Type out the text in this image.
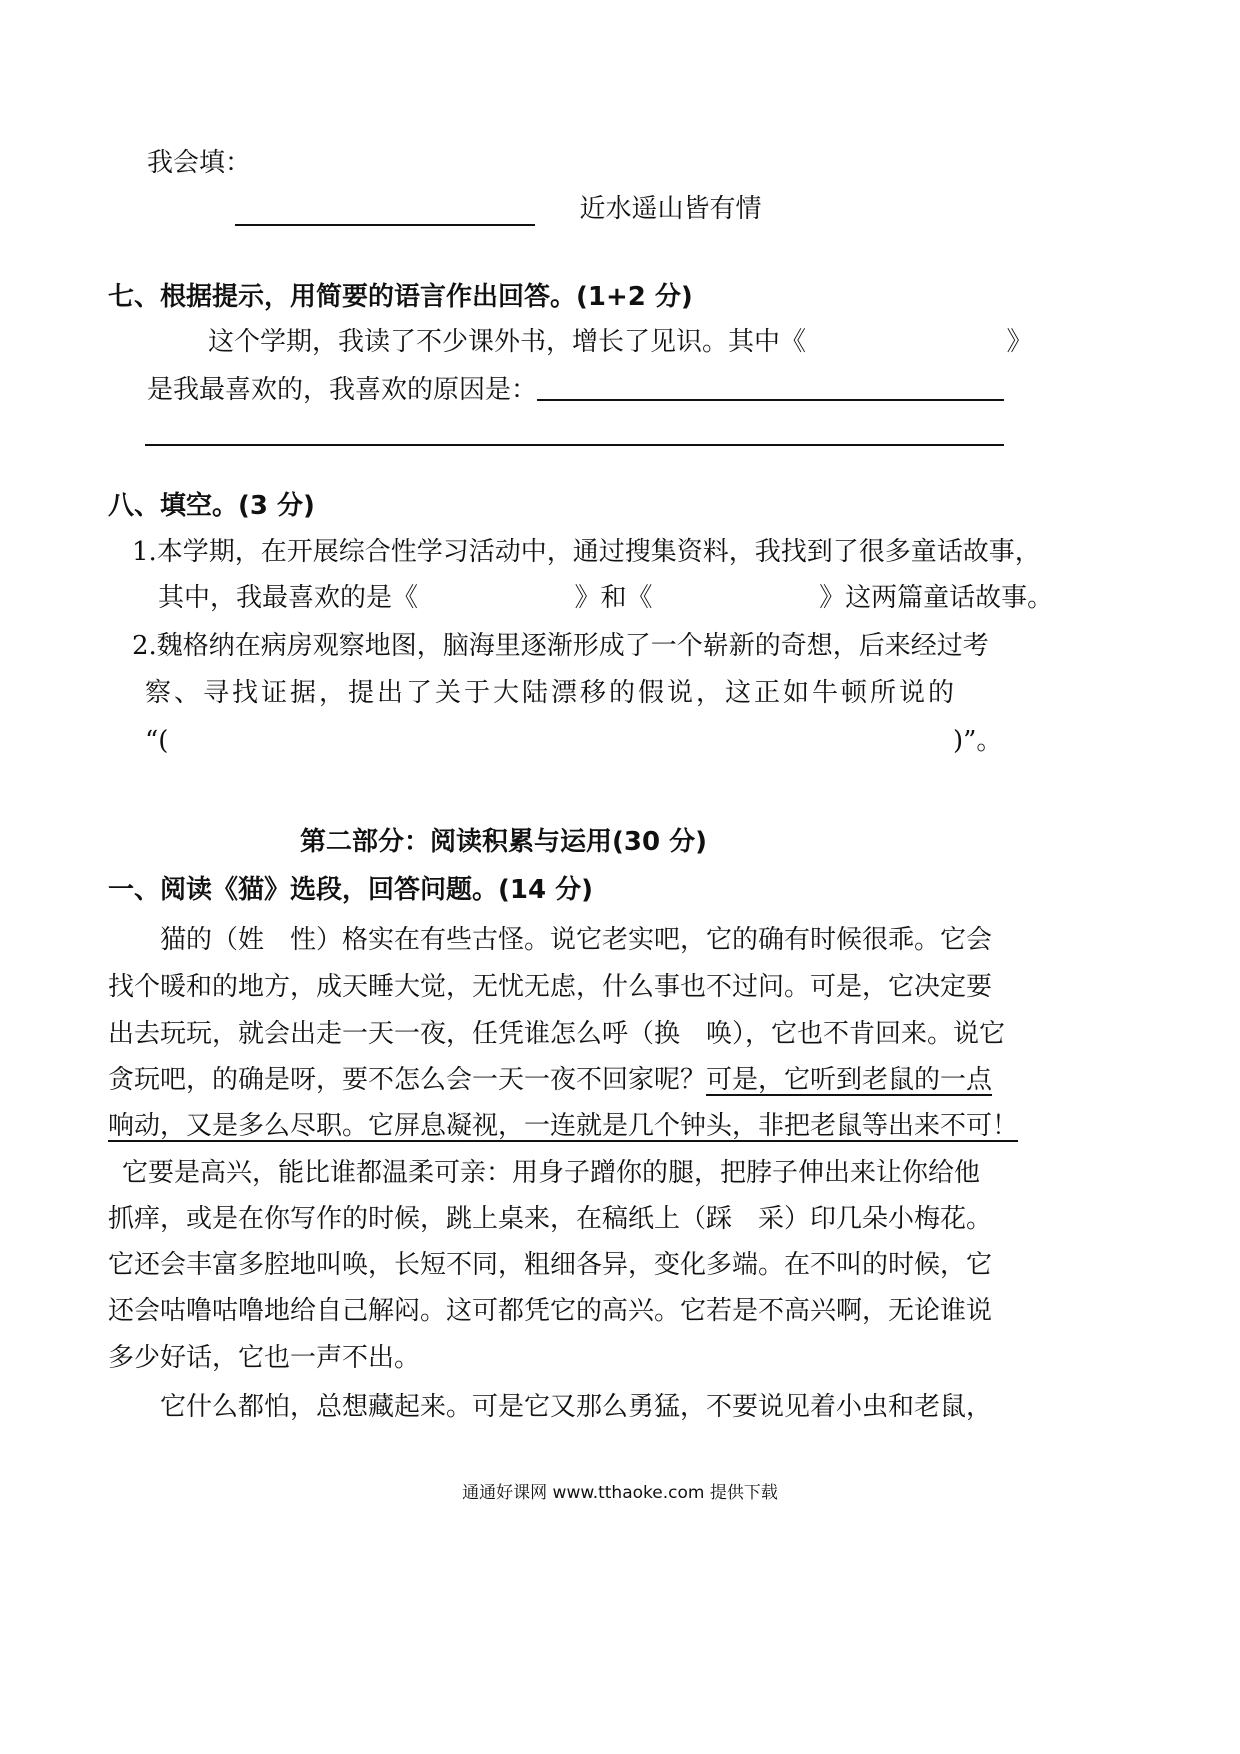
我会填：
近水遥山皆有情
七、根据提示，用简要的语言作出回答。(1+2 分)
这个学期，我读了不少课外书，增长了见识。其中《	》
是我最喜欢的，我喜欢的原因是：
八、填空。(3 分)
1.本学期，在开展综合性学习活动中，通过搜集资料，我找到了很多童话故事，
其中，我最喜欢的是《	》和《	》这两篇童话故事。
2.魏格纳在病房观察地图，脑海里逐渐形成了一个崭新的奇想，后来经过考
察、寻找证据，提出了关于大陆漂移的假说，这正如牛顿所说的
“(	)”。
第二部分：阅读积累与运用(30 分)
一、阅读《猫》选段，回答问题。(14 分)
猫的（姓　性）格实在有些古怪。说它老实吧，它的确有时候很乖。它会
找个暖和的地方，成天睡大觉，无忧无虑，什么事也不过问。可是，它决定要
出去玩玩，就会出走一天一夜，任凭谁怎么呼（换　唤），它也不肯回来。说它
贪玩吧，的确是呀，要不怎么会一天一夜不回家呢？可是，它听到老鼠的一点
响动，又是多么尽职。它屏息凝视，一连就是几个钟头，非把老鼠等出来不可！
它要是高兴，能比谁都温柔可亲：用身子蹭你的腿，把脖子伸出来让你给他
抓痒，或是在你写作的时候，跳上桌来，在稿纸上（踩　采）印几朵小梅花。
它还会丰富多腔地叫唤，长短不同，粗细各异，变化多端。在不叫的时候，它
还会咕噜咕噜地给自己解闷。这可都凭它的高兴。它若是不高兴啊，无论谁说
多少好话，它也一声不出。
它什么都怕，总想藏起来。可是它又那么勇猛，不要说见着小虫和老鼠，
通通好课网 www.tthaoke.com 提供下载
